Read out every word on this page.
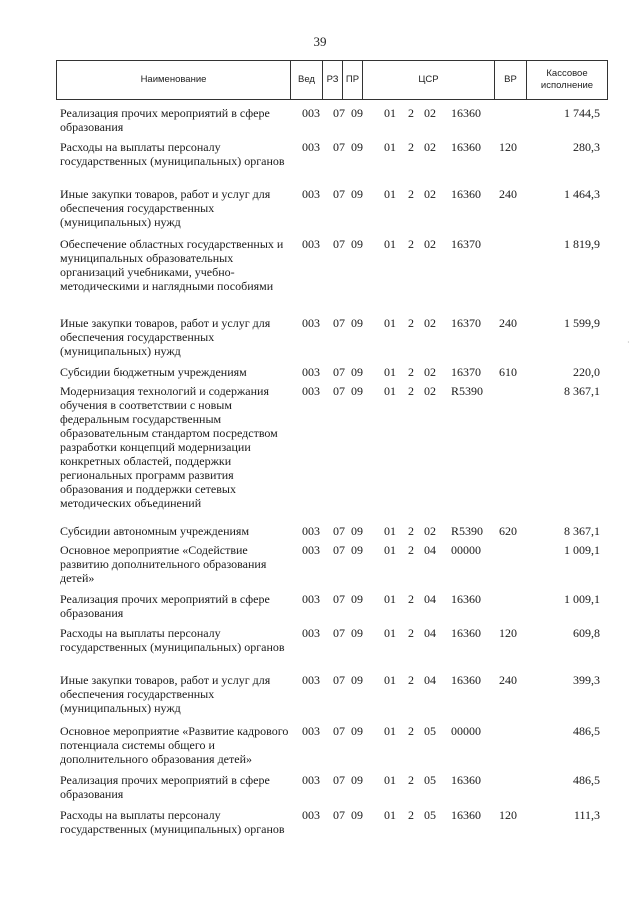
39
Наименование	Вед	РЗ ПР	ЦСР	ВР
Кассовое исполнение
Реализация прочих мероприятий в сфере образования
003 07 09 01 2 02 16360	1 744,5
Расходы на выплаты персоналу государственных (муниципальных) органов
003 07 09 01 2 02 16360 120	280,3
Иные закупки товаров, работ и услуг для обеспечения государственных (муниципальных) нужд
003 07 09 01 2 02 16360 240	1 464,3
Обеспечение областных государственных и муниципальных образовательных организаций учебниками, учебно-методическими и наглядными пособиями
003 07 09 01 2 02 16370	1 819,9
Иные закупки товаров, работ и услуг для обеспечения государственных (муниципальных) нужд
003 07 09 01 2 02 16370 240	1 599,9
Субсидии бюджетным учреждениям	003 07 09 01 2 02 16370 610	220,0
Модернизация технологий и содержания обучения в соответствии с новым федеральным государственным образовательным стандартом посредством разработки концепций модернизации конкретных областей, поддержки региональных программ развития образования и поддержки сетевых методических объединений
003 07 09 01 2 02 R5390	8 367,1
Субсидии автономным учреждениям	003 07 09 01 2 02 R5390 620	8 367,1
Основное мероприятие «Содействие развитию дополнительного образования детей»
003 07 09 01 2 04 00000	1 009,1
Реализация прочих мероприятий в сфере образования
003 07 09 01 2 04 16360	1 009,1
Расходы на выплаты персоналу государственных (муниципальных) органов
003 07 09 01 2 04 16360 120	609,8
Иные закупки товаров, работ и услуг для обеспечения государственных (муниципальных) нужд
003 07 09 01 2 04 16360 240	399,3
Основное мероприятие «Развитие кадрового потенциала системы общего и дополнительного образования детей»
003 07 09 01 2 05 00000	486,5
Реализация прочих мероприятий в сфере образования
003 07 09 01 2 05 16360	486,5
Расходы на выплаты персоналу государственных (муниципальных) органов
003 07 09 01 2 05 16360 120	111,3
·
